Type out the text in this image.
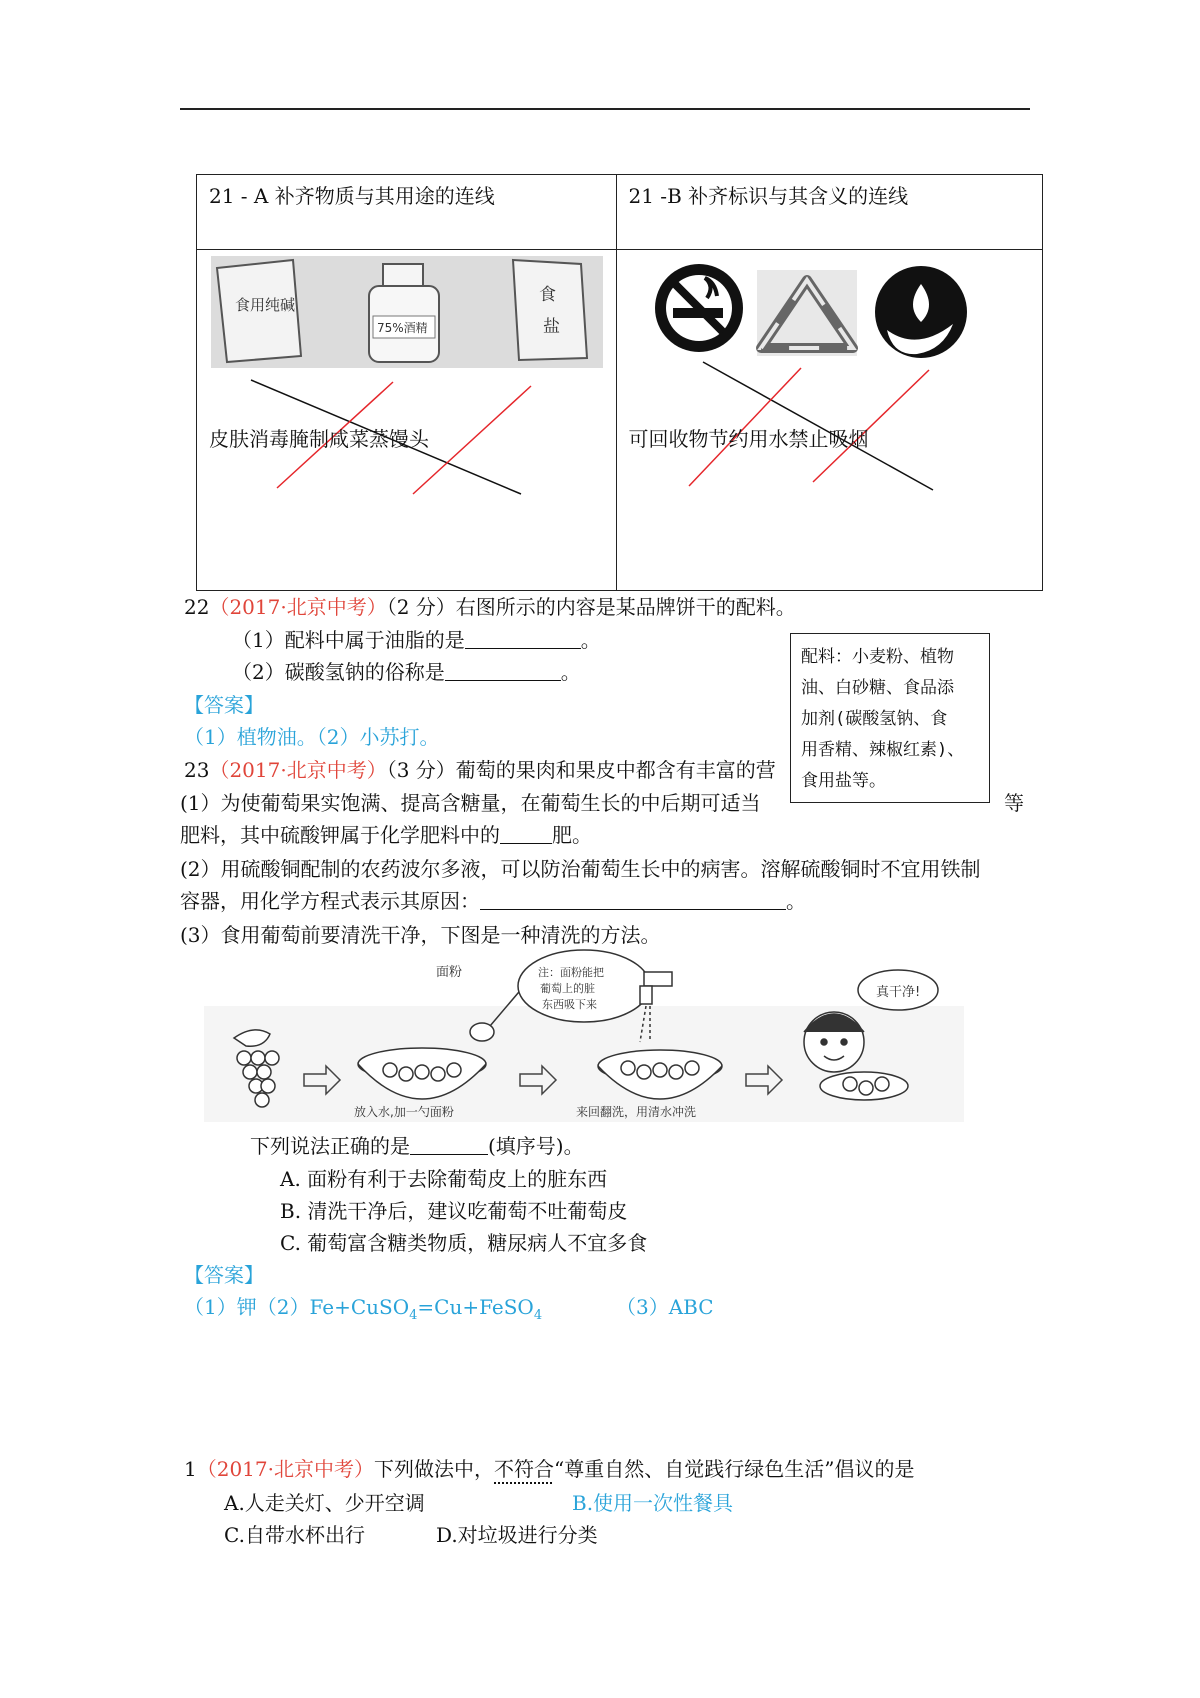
21 - A 补齐物质与其用途的连线	21 -B 补齐标识与其含义的连线

食用纯碱
75%酒精
食
盐
皮肤消毒腌制咸菜蒸馒头	可回收物节约用水禁止吸烟
22（2017·北京中考）（2 分）右图所示的内容是某品牌饼干的配料。
（1）配料中属于油脂的是	。
（2）碳酸氢钠的俗称是	。
【答案】
（1）植物油。（2）小苏打。
23（2017·北京中考）（3 分）葡萄的果肉和果皮中都含有丰富的营
(1）为使葡萄果实饱满、提高含糖量，在葡萄生长的中后期可适当	等
肥料，其中硫酸钾属于化学肥料中的	肥。
(2）用硫酸铜配制的农药波尔多液，可以防治葡萄生长中的病害。溶解硫酸铜时不宜用铁制
容器，用化学方程式表示其原因：	。
(3）食用葡萄前要清洗干净，下图是一种清洗的方法。
配料：小麦粉、植物
油、白砂糖、食品添
加剂(碳酸氢钠、食
用香精、辣椒红素)、
食用盐等。
面粉	注：面粉能把
葡萄上的脏
东西吸下来
真干净!
放入水,加一勺面粉	来回翻洗，用清水冲洗
下列说法正确的是	(填序号)。
A. 面粉有利于去除葡萄皮上的脏东西
B. 清洗干净后，建议吃葡萄不吐葡萄皮
C. 葡萄富含糖类物质，糖尿病人不宜多食
【答案】
（1）钾（2）Fe+CuSO$_4$=Cu+FeSO$_4$	（3）ABC
1（2017·北京中考）下列做法中，不符合“尊重自然、自觉践行绿色生活”倡议的是
A.人走关灯、少开空调	B.使用一次性餐具
C.自带水杯出行	D.对垃圾进行分类
